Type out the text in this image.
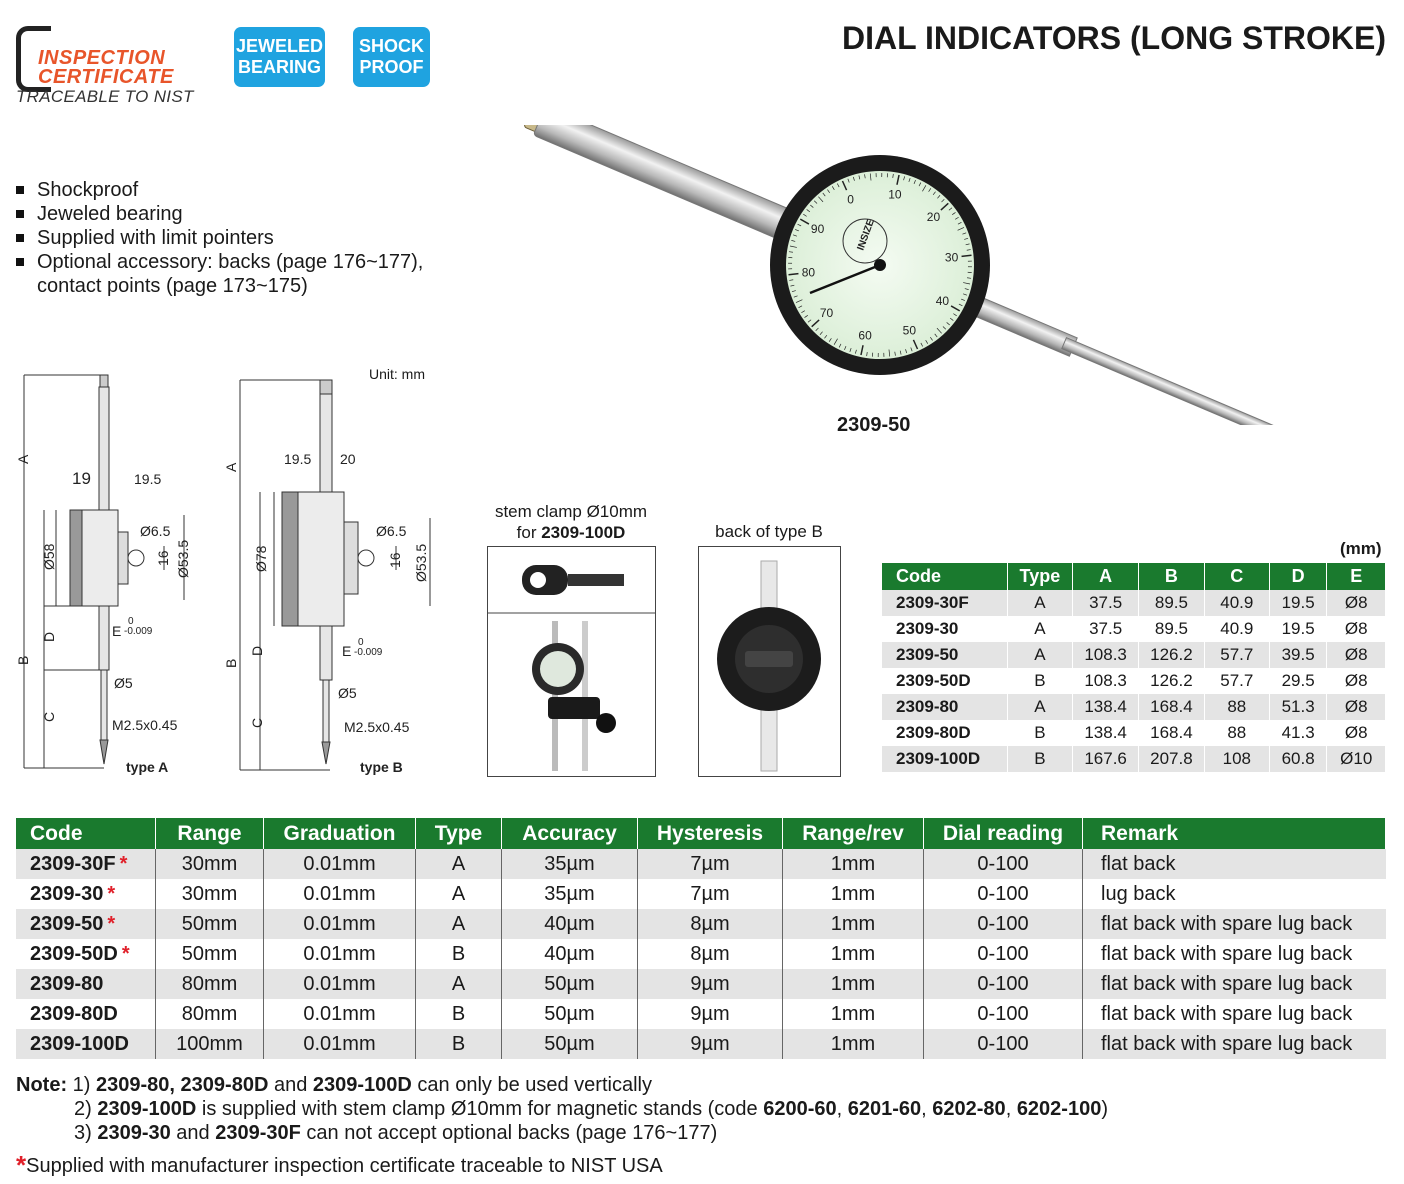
INSPECTION
CERTIFICATE
TRACEABLE TO NIST
JEWELED
BEARING
SHOCK
PROOF
DIAL INDICATORS (LONG STROKE)
Shockproof
Jeweled bearing
Supplied with limit pointers
Optional accessory: backs (page 176~177),
contact points (page 173~175)
0	10
20
30
40
50
60
70
80
90	INSIZE
2309-50
Unit: mm
A
B
C
D
Ø58
19	19.5
Ø6.5
16 Ø53.5
E
0
-0.009
Ø5
M2.5x0.45
type A
A
B
C
D
Ø78
19.5 20
Ø6.5
16 Ø53.5
E
0
-0.009
Ø5
M2.5x0.45
type B
stem clamp Ø10mm
for 2309-100D	back of type B
(mm)
Code	Type	A	B	C	D	E
2309-30F	A	37.5	89.5	40.9	19.5	Ø8
2309-30	A	37.5	89.5	40.9	19.5	Ø8
2309-50	A	108.3	126.2	57.7	39.5	Ø8
2309-50D	B	108.3	126.2	57.7	29.5	Ø8
2309-80	A	138.4	168.4	88	51.3	Ø8
2309-80D	B	138.4	168.4	88	41.3	Ø8
2309-100D	B	167.6	207.8	108	60.8	Ø10
Code	Range	Graduation	Type	Accuracy	Hysteresis	Range/rev	Dial reading	Remark
2309-30F *	30mm	0.01mm	A	35µm	7µm	1mm	0-100	flat back
2309-30 *	30mm	0.01mm	A	35µm	7µm	1mm	0-100	lug back
2309-50 *	50mm	0.01mm	A	40µm	8µm	1mm	0-100	flat back with spare lug back
2309-50D *	50mm	0.01mm	B	40µm	8µm	1mm	0-100	flat back with spare lug back
2309-80	80mm	0.01mm	A	50µm	9µm	1mm	0-100	flat back with spare lug back
2309-80D	80mm	0.01mm	B	50µm	9µm	1mm	0-100	flat back with spare lug back
2309-100D	100mm	0.01mm	B	50µm	9µm	1mm	0-100	flat back with spare lug back
Note: 1) 2309-80, 2309-80D and 2309-100D can only be used vertically
2) 2309-100D is supplied with stem clamp Ø10mm for magnetic stands (code 6200-60, 6201-60, 6202-80, 6202-100)
3) 2309-30 and 2309-30F can not accept optional backs (page 176~177)
*Supplied with manufacturer inspection certificate traceable to NIST USA
